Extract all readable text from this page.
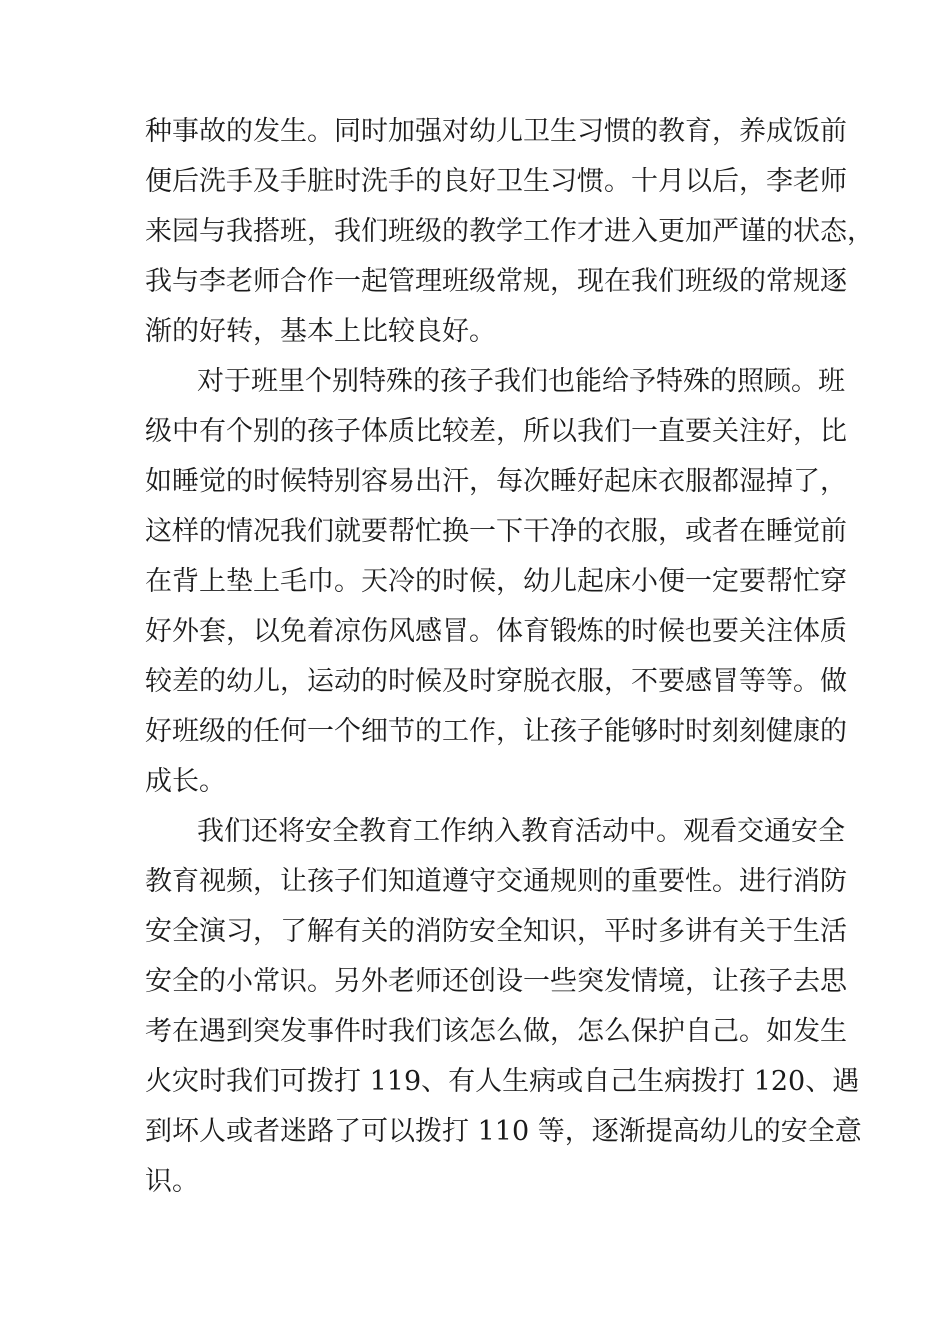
种事故的发生。同时加强对幼儿卫生习惯的教育，养成饭前

便后洗手及手脏时洗手的良好卫生习惯。十月以后，李老师

来园与我搭班，我们班级的教学工作才进入更加严谨的状态，

我与李老师合作一起管理班级常规，现在我们班级的常规逐

渐的好转，基本上比较良好。

对于班里个别特殊的孩子我们也能给予特殊的照顾。班

级中有个别的孩子体质比较差，所以我们一直要关注好，比

如睡觉的时候特别容易出汗，每次睡好起床衣服都湿掉了，

这样的情况我们就要帮忙换一下干净的衣服，或者在睡觉前

在背上垫上毛巾。天冷的时候，幼儿起床小便一定要帮忙穿

好外套，以免着凉伤风感冒。体育锻炼的时候也要关注体质

较差的幼儿，运动的时候及时穿脱衣服，不要感冒等等。做

好班级的任何一个细节的工作，让孩子能够时时刻刻健康的

成长。

我们还将安全教育工作纳入教育活动中。观看交通安全

教育视频，让孩子们知道遵守交通规则的重要性。进行消防

安全演习，了解有关的消防安全知识，平时多讲有关于生活

安全的小常识。另外老师还创设一些突发情境，让孩子去思

考在遇到突发事件时我们该怎么做，怎么保护自己。如发生

火灾时我们可拨打 119、有人生病或自己生病拨打 120、遇

到坏人或者迷路了可以拨打 110 等，逐渐提高幼儿的安全意

识。
